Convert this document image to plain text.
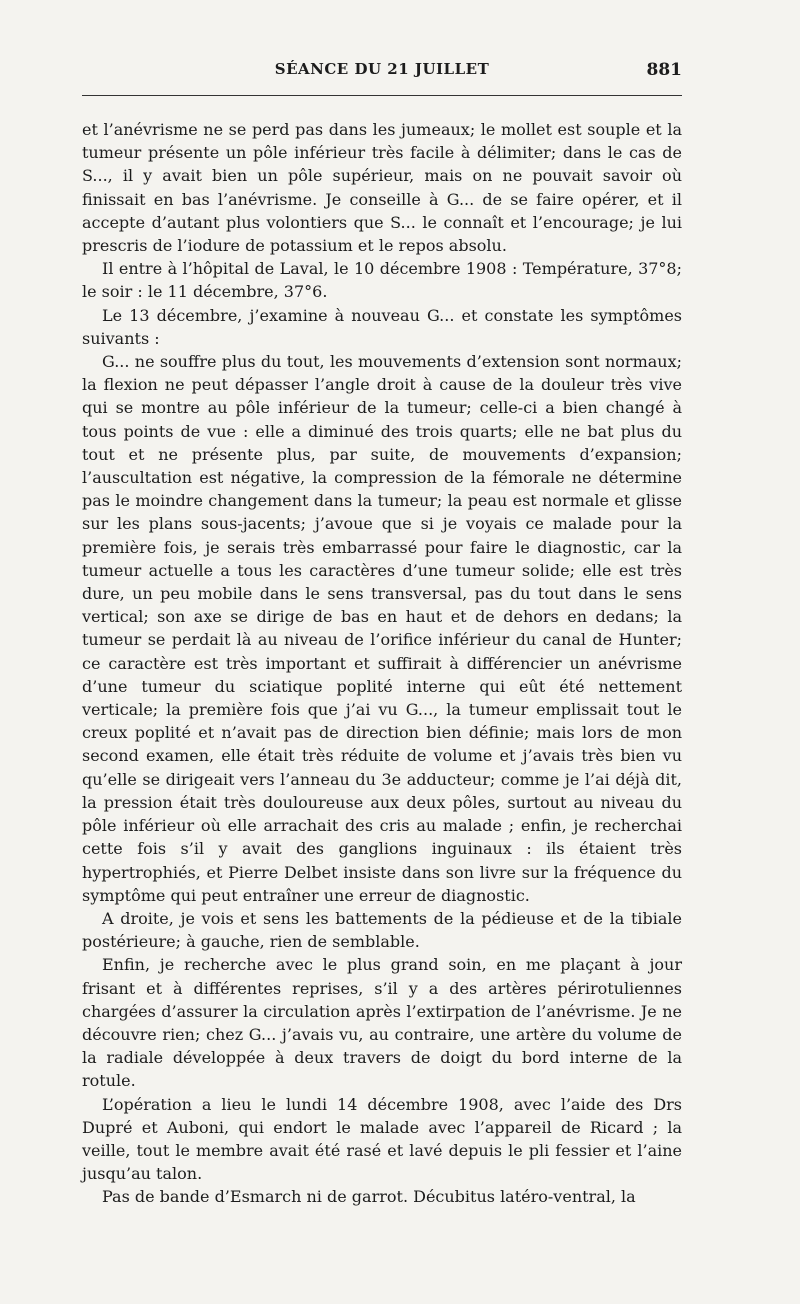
SÉANCE DU 21 JUILLET	881

et l’anévrisme ne se perd pas dans les jumeaux; le mollet est souple et la tumeur présente un pôle inférieur très facile à délimiter; dans le cas de S..., il y avait bien un pôle supérieur, mais on ne pouvait savoir où finissait en bas l’anévrisme. Je conseille à G... de se faire opérer, et il accepte d’autant plus volontiers que S... le connaît et l’encourage; je lui prescris de l’iodure de potassium et le repos absolu.

Il entre à l’hôpital de Laval, le 10 décembre 1908 : Température, 37°8; le soir : le 11 décembre, 37°6.

Le 13 décembre, j’examine à nouveau G... et constate les symptômes suivants :

G... ne souffre plus du tout, les mouvements d’extension sont normaux; la flexion ne peut dépasser l’angle droit à cause de la douleur très vive qui se montre au pôle inférieur de la tumeur; celle-ci a bien changé à tous points de vue : elle a diminué des trois quarts; elle ne bat plus du tout et ne présente plus, par suite, de mouvements d’expansion; l’auscultation est négative, la compression de la fémorale ne détermine pas le moindre changement dans la tumeur; la peau est normale et glisse sur les plans sous-jacents; j’avoue que si je voyais ce malade pour la première fois, je serais très embarrassé pour faire le diagnostic, car la tumeur actuelle a tous les caractères d’une tumeur solide; elle est très dure, un peu mobile dans le sens transversal, pas du tout dans le sens vertical; son axe se dirige de bas en haut et de dehors en dedans; la tumeur se perdait là au niveau de l’orifice inférieur du canal de Hunter; ce caractère est très important et suffirait à différencier un anévrisme d’une tumeur du sciatique poplité interne qui eût été nettement verticale; la première fois que j’ai vu G..., la tumeur emplissait tout le creux poplité et n’avait pas de direction bien définie; mais lors de mon second examen, elle était très réduite de volume et j’avais très bien vu qu’elle se dirigeait vers l’anneau du 3e adducteur; comme je l’ai déjà dit, la pression était très douloureuse aux deux pôles, surtout au niveau du pôle inférieur où elle arrachait des cris au malade ; enfin, je recherchai cette fois s’il y avait des ganglions inguinaux : ils étaient très hypertrophiés, et Pierre Delbet insiste dans son livre sur la fréquence du symptôme qui peut entraîner une erreur de diagnostic.

A droite, je vois et sens les battements de la pédieuse et de la tibiale postérieure; à gauche, rien de semblable.

Enfin, je recherche avec le plus grand soin, en me plaçant à jour frisant et à différentes reprises, s’il y a des artères périrotuliennes chargées d’assurer la circulation après l’extirpation de l’anévrisme. Je ne découvre rien; chez G... j’avais vu, au contraire, une artère du volume de la radiale développée à deux travers de doigt du bord interne de la rotule.

L’opération a lieu le lundi 14 décembre 1908, avec l’aide des Drs Dupré et Auboni, qui endort le malade avec l’appareil de Ricard ; la veille, tout le membre avait été rasé et lavé depuis le pli fessier et l’aine jusqu’au talon.

Pas de bande d’Esmarch ni de garrot. Décubitus latéro-ventral, la
